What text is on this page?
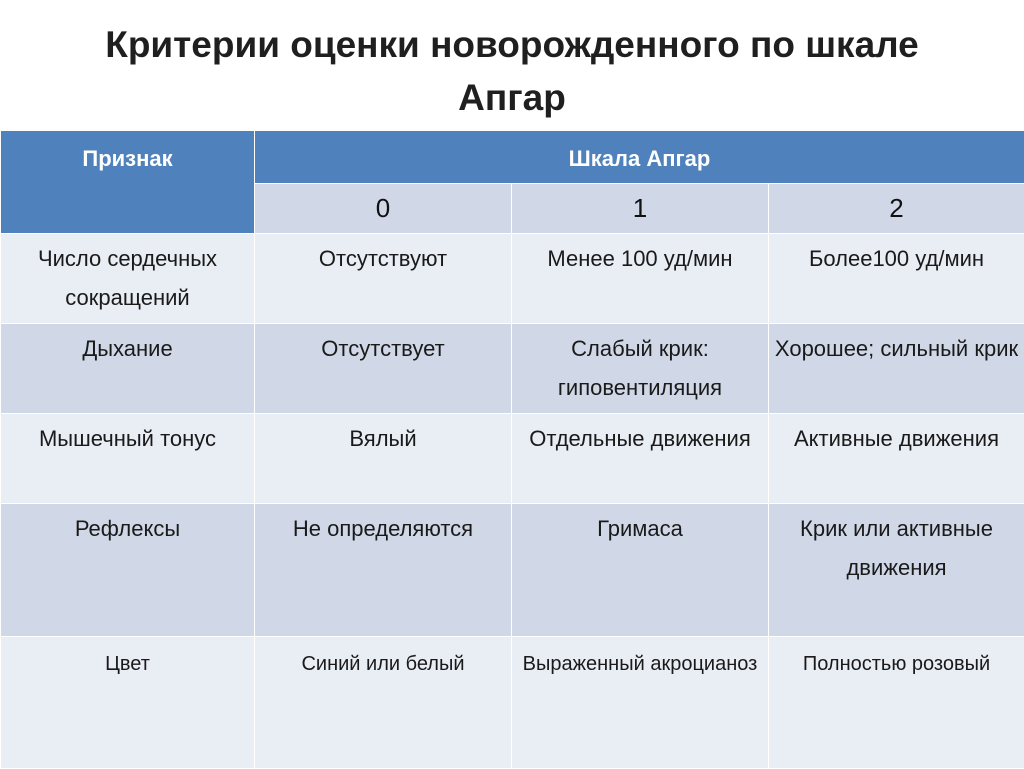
Критерии оценки новорожденного по шкале
Апгар
Признак	Шкала Апгар		
	0	1	2

Число сердечных сокращений	Отсутствуют	Менее 100 уд/мин	Более100 уд/мин

Дыхание	Отсутствует	Слабый крик: гиповентиляция	Хорошее; сильный крик

Мышечный тонус	Вялый	Отдельные движения	Активные движения

Рефлексы	Не определяются	Гримаса	Крик или активные движения

Цвет	Синий или белый	Выраженный акроцианоз	Полностью розовый
